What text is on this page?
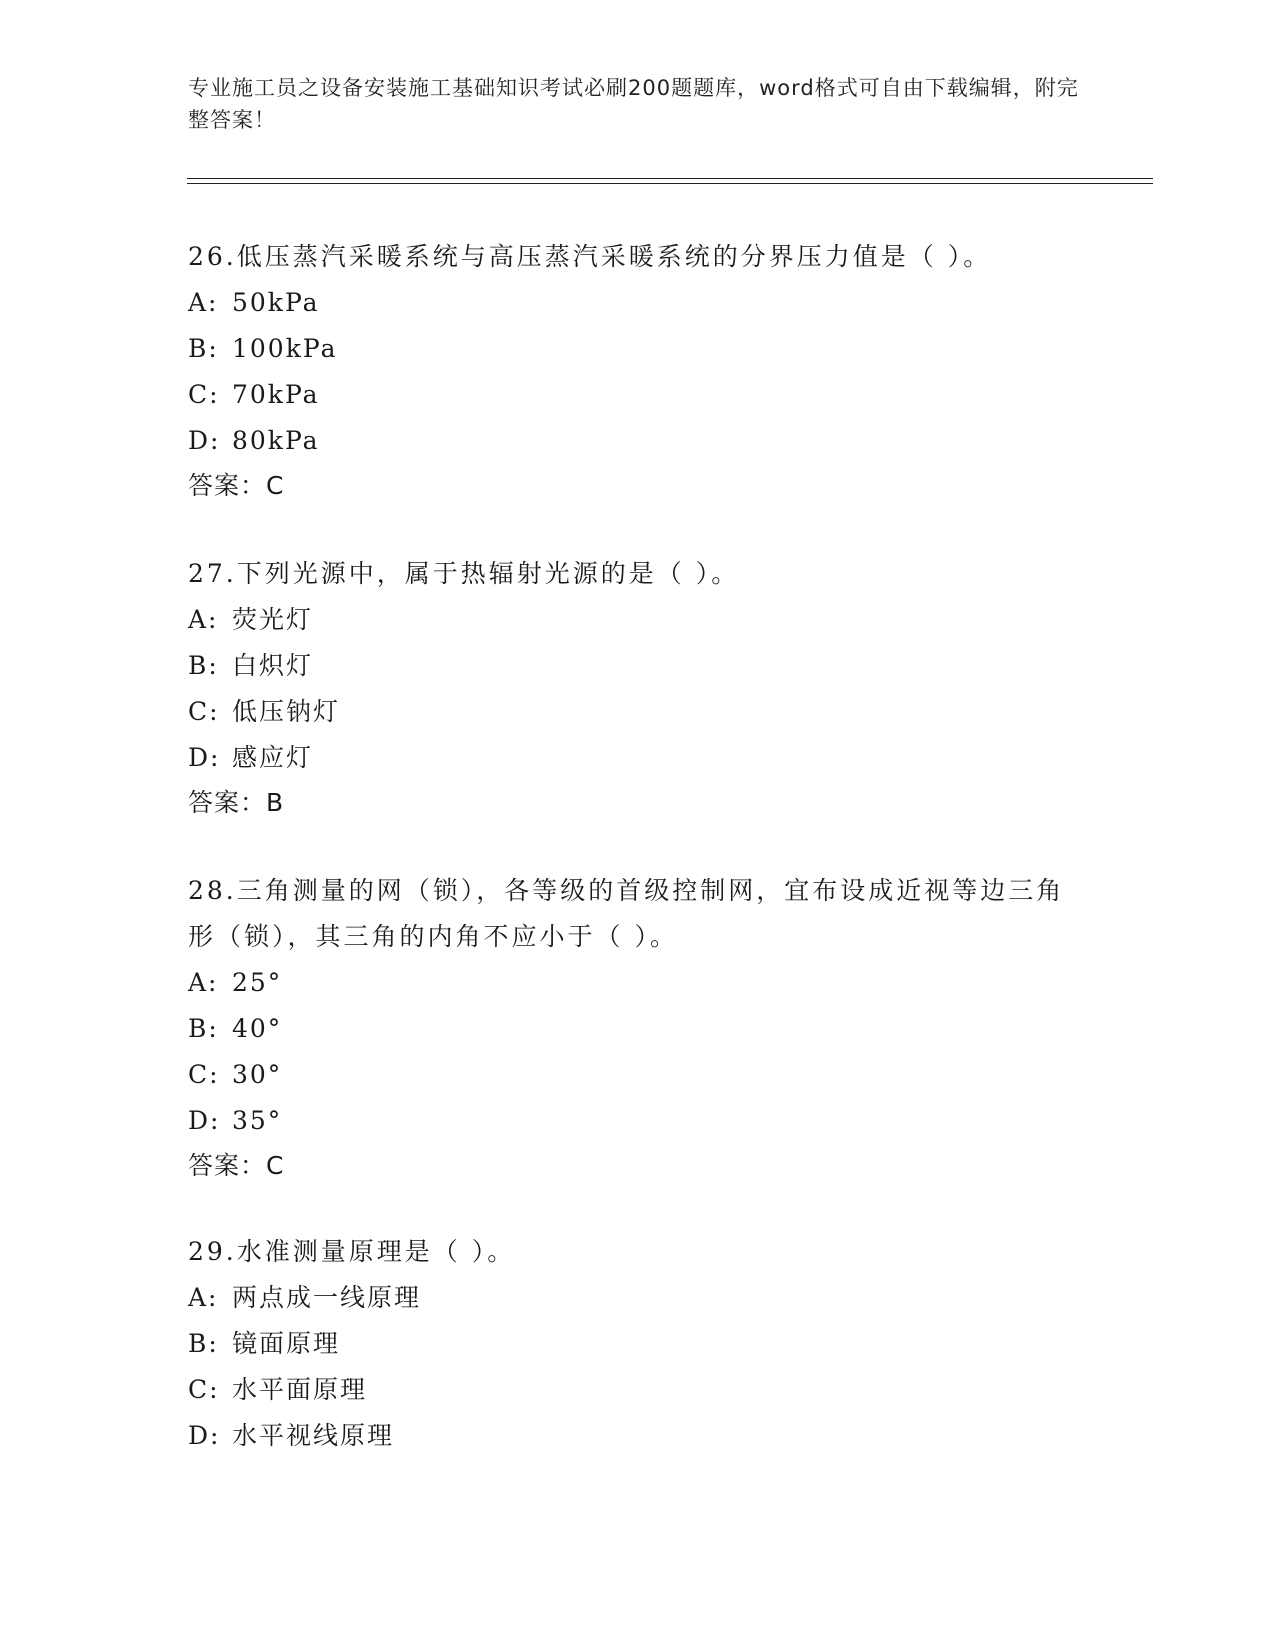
专业施工员之设备安装施工基础知识考试必刷200题题库，word格式可自由下载编辑，附完整答案！

26.低压蒸汽采暖系统与高压蒸汽采暖系统的分界压力值是（ ）。

A: 50kPa

B: 100kPa

C: 70kPa

D: 80kPa

答案：C

27.下列光源中，属于热辐射光源的是（ ）。

A: 荧光灯

B: 白炽灯

C: 低压钠灯

D: 感应灯

答案：B

28.三角测量的网（锁），各等级的首级控制网，宜布设成近视等边三角形（锁），其三角的内角不应小于（ ）。

A: 25°

B: 40°

C: 30°

D: 35°

答案：C

29.水准测量原理是（ ）。

A: 两点成一线原理

B: 镜面原理

C: 水平面原理

D: 水平视线原理
